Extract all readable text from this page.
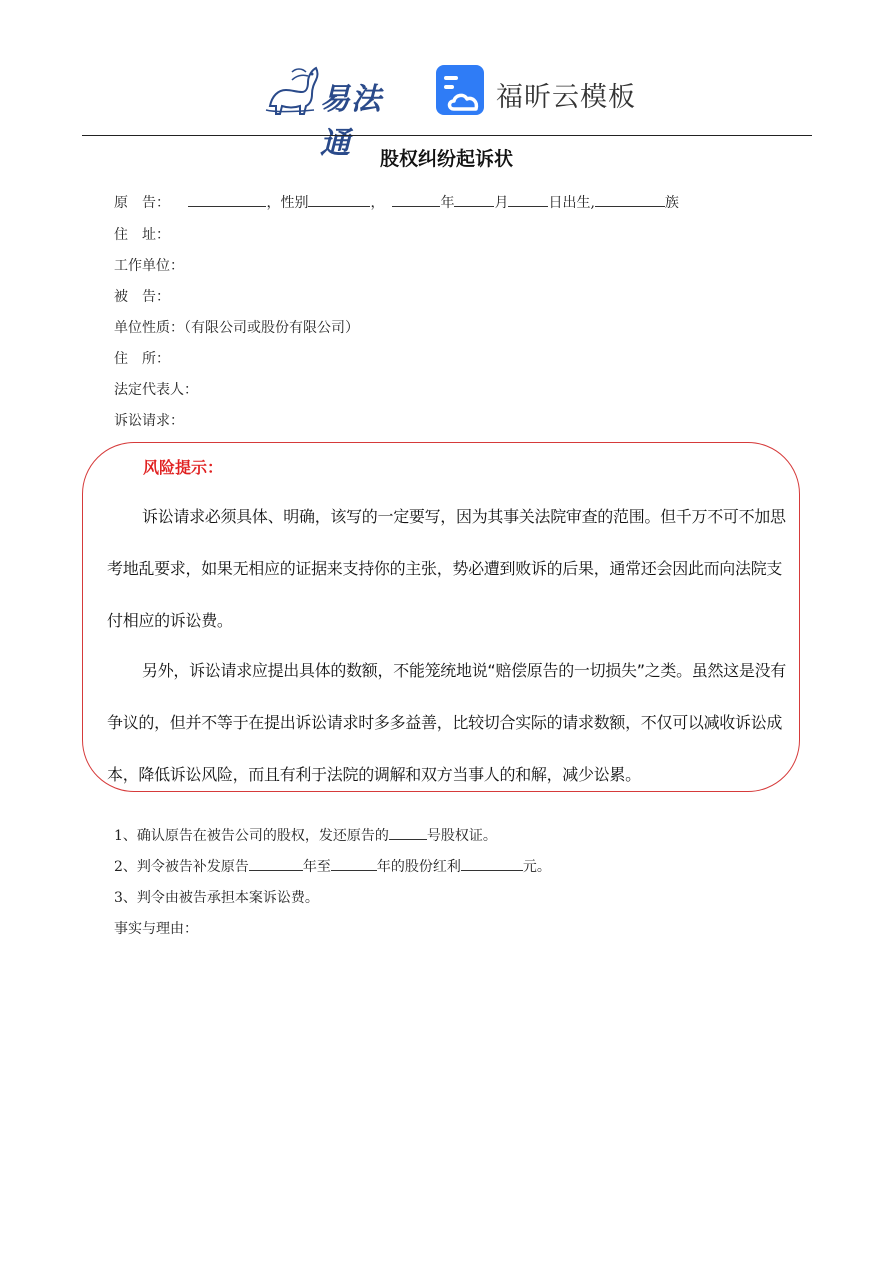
易法通
福昕云模板
股权纠纷起诉状
原　告：	，性别	，	年	月	日出生,	族
住　址：
工作单位：
被　告：
单位性质：（有限公司或股份有限公司）
住　所：
法定代表人：
诉讼请求：
风险提示：
诉讼请求必须具体、明确，该写的一定要写，因为其事关法院审查的范围。但千万不可不加思考地乱要求，如果无相应的证据来支持你的主张，势必遭到败诉的后果，通常还会因此而向法院支付相应的诉讼费。
另外，诉讼请求应提出具体的数额，不能笼统地说“赔偿原告的一切损失”之类。虽然这是没有争议的，但并不等于在提出诉讼请求时多多益善，比较切合实际的请求数额，不仅可以减收诉讼成本，降低诉讼风险，而且有利于法院的调解和双方当事人的和解，减少讼累。
1、确认原告在被告公司的股权，发还原告的	号股权证。
2、判令被告补发原告	年至	年的股份红利	元。
3、判令由被告承担本案诉讼费。
事实与理由：
